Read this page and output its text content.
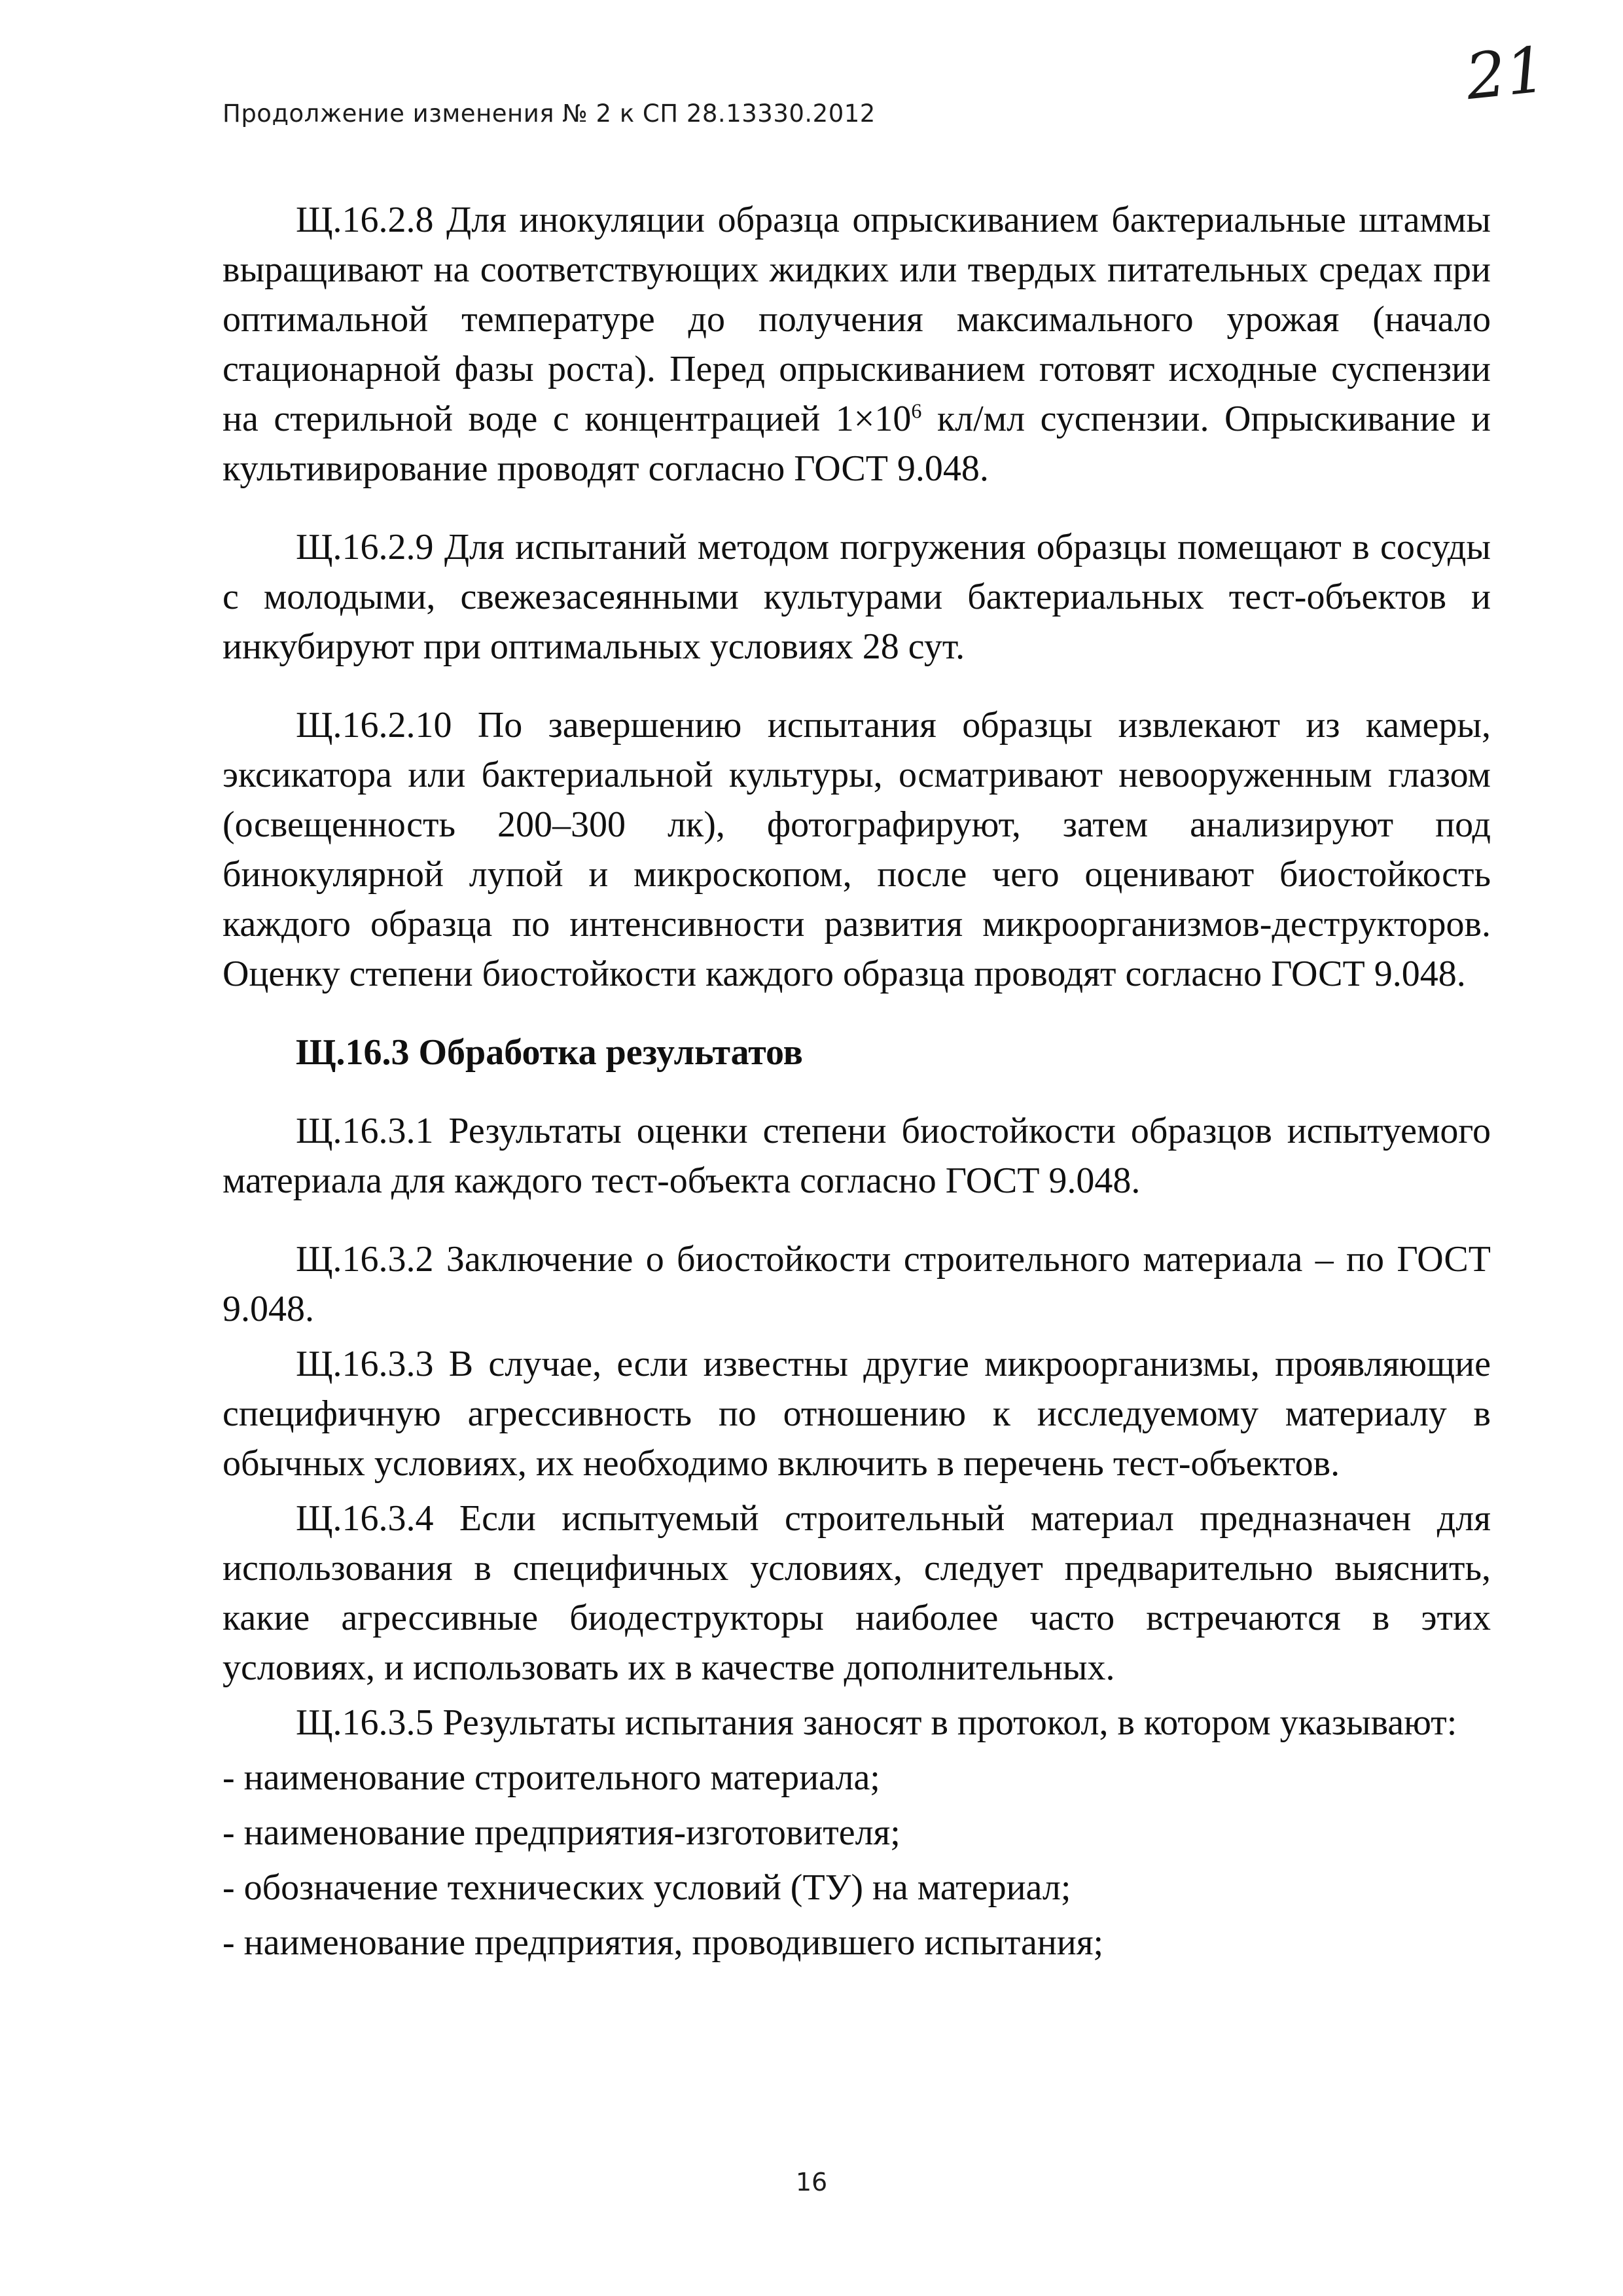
Продолжение изменения № 2 к СП 28.13330.2012	21

Щ.16.2.8 Для инокуляции образца опрыскиванием бактериальные штаммы выращивают на соответствующих жидких или твердых питательных средах при оптимальной температуре до получения максимального урожая (начало стационарной фазы роста). Перед опрыскиванием готовят исходные суспензии на стерильной воде с концентрацией $1\times 10^6$ кл/мл суспензии. Опрыскивание и культивирование проводят согласно ГОСТ 9.048.

Щ.16.2.9 Для испытаний методом погружения образцы помещают в сосуды с молодыми, свежезасеянными культурами бактериальных тест-объектов и инкубируют при оптимальных условиях 28 сут.

Щ.16.2.10 По завершению испытания образцы извлекают из камеры, эксикатора или бактериальной культуры, осматривают невооруженным глазом (освещенность 200–300 лк), фотографируют, затем анализируют под бинокулярной лупой и микроскопом, после чего оценивают биостойкость каждого образца по интенсивности развития микроорганизмов-деструкторов. Оценку степени биостойкости каждого образца проводят согласно ГОСТ 9.048.

Щ.16.3 Обработка результатов

Щ.16.3.1 Результаты оценки степени биостойкости образцов испытуемого материала для каждого тест-объекта согласно ГОСТ 9.048.

Щ.16.3.2 Заключение о биостойкости строительного материала – по ГОСТ 9.048.

Щ.16.3.3 В случае, если известны другие микроорганизмы, проявляющие специфичную агрессивность по отношению к исследуемому материалу в обычных условиях, их необходимо включить в перечень тест-объектов.

Щ.16.3.4 Если испытуемый строительный материал предназначен для использования в специфичных условиях, следует предварительно выяснить, какие агрессивные биодеструкторы наиболее часто встречаются в этих условиях, и использовать их в качестве дополнительных.

Щ.16.3.5 Результаты испытания заносят в протокол, в котором указывают:

- наименование строительного материала;

- наименование предприятия-изготовителя;

- обозначение технических условий (ТУ) на материал;

- наименование предприятия, проводившего испытания;

16
